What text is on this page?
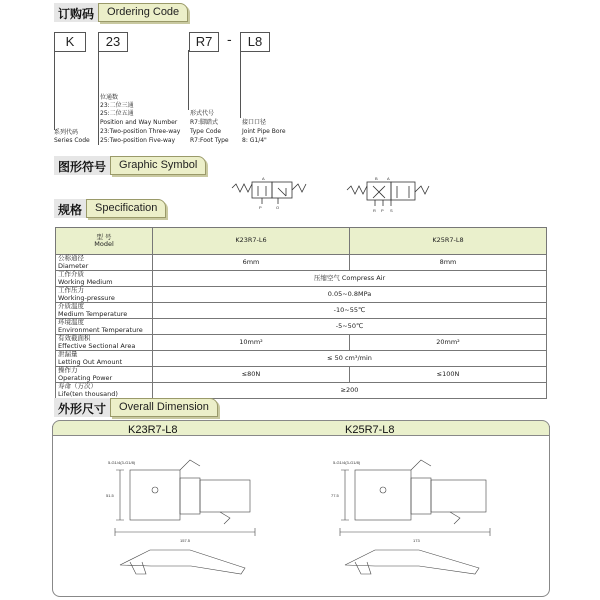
订购码	Ordering Code
K	23	R7	-	L8
位通数
23:二位三通
25:二位五通
Position and Way Number
23:Two-position Three-way
25:Two-position Five-way
系列代码
Series Code
形式代号
R7:脚踏式
Type Code
R7:Foot Type
接口口径
Joint Pipe Bore
8: G1/4"
图形符号	Graphic Symbol
A
P	O
B A
R P S
规格	Specification
型 号
Model	K23R7-L6	K25R7-L8

公称通径
Diameter	6mm	8mm

工作介质
Working Medium	压缩空气 Compress Air	

工作压力
Working-pressure	0.05~0.8MPa	

介质温度
Medium Temperature	-10~55℃	

环境温度
Environment Temperature	-5~50℃	

有效截面积
Effective Sectional Area	10mm²	20mm²

泄漏量
Letting Out Amount	≤ 50 cm³/min	

操作力
Operating Power	≤80N	≤100N

寿命（万次）
Life(ten thousand)	≥200	
外形尺寸	Overall Dimension
K23R7-L8	K25R7-L8
5-G1/4(3-G1/8)
157.5
51.5
5-G1/4(3-G1/8)
173
77.5
